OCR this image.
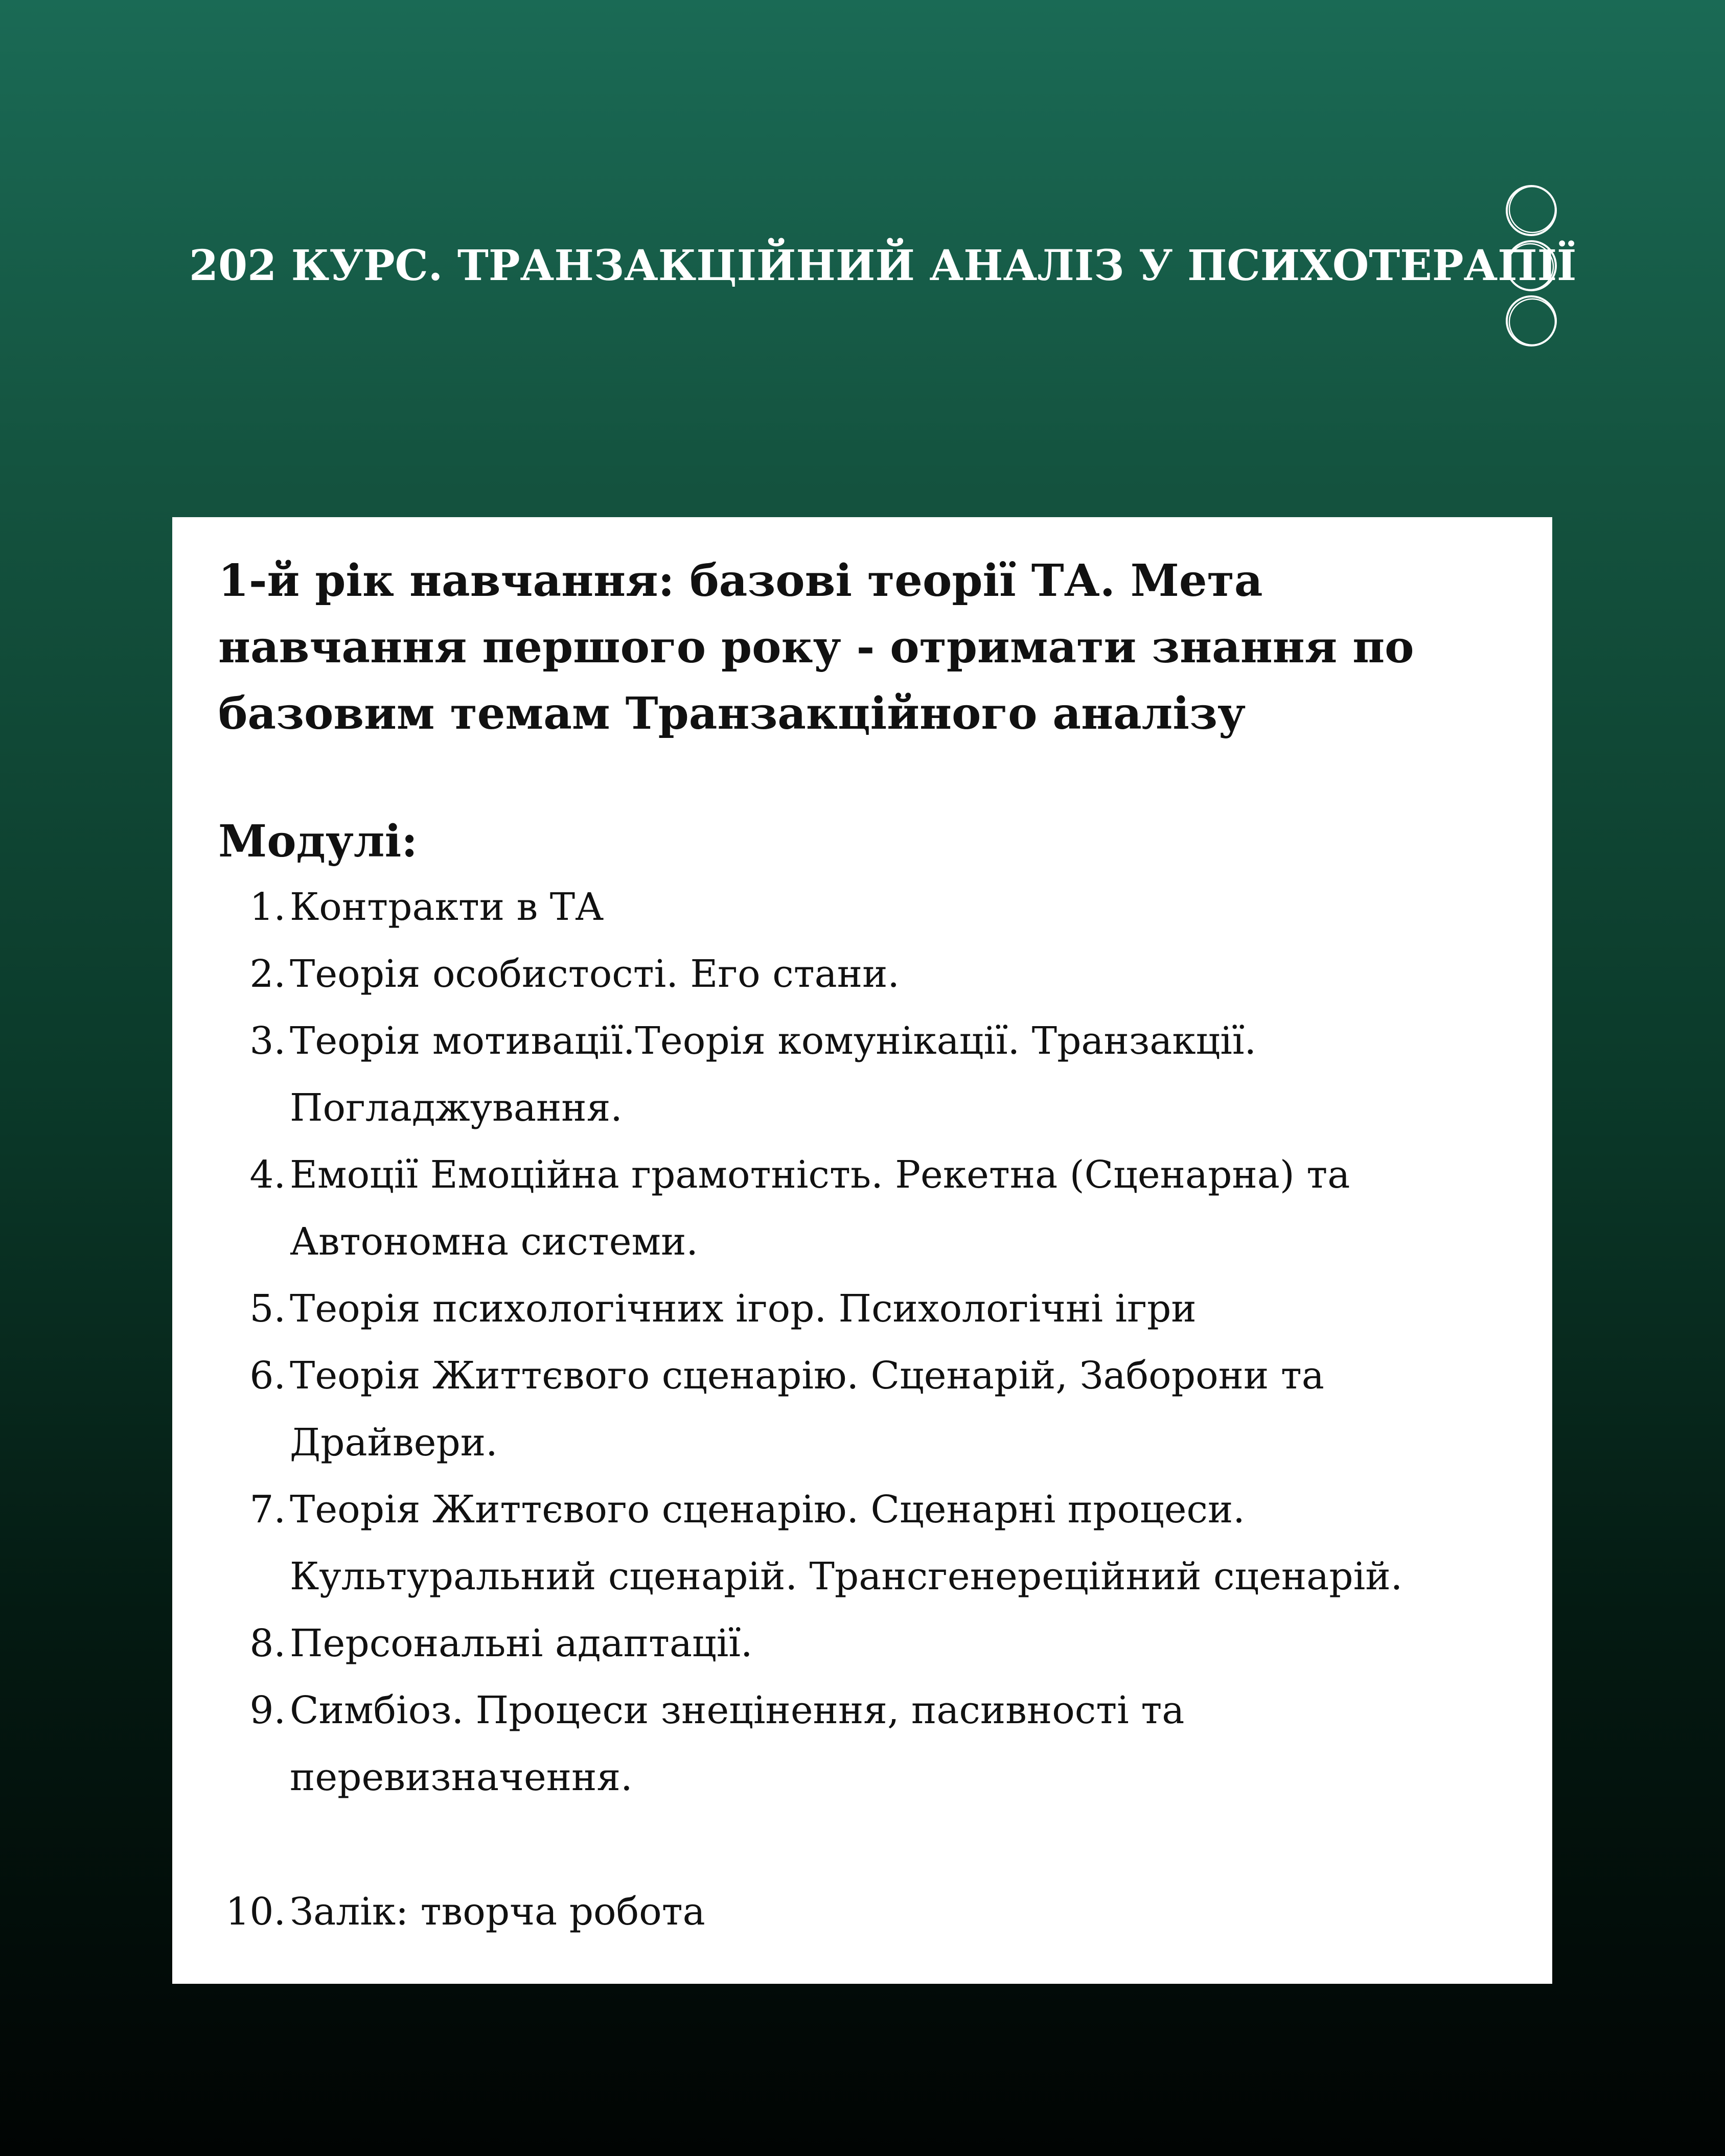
202 КУРС. ТРАНЗАКЦІЙНИЙ АНАЛІЗ У ПСИХОТЕРАПІЇ

1-й рік навчання: базові теорії ТА. Мета навчання першого року - отримати знання по базовим темам Транзакційного аналізу

Модулі:
1. Контракти в ТА
2. Теорія особистості. Его стани.
3. Теорія мотивації.Теорія комунікації. Транзакції. Погладжування.
4. Емоції Емоційна грамотність. Рекетна (Сценарна) та Автономна системи.
5. Теорія психологічних ігор. Психологічні ігри
6. Теорія Життєвого сценарію. Сценарій, Заборони та Драйвери.
7. Теорія Життєвого сценарію. Сценарні процеси. Культуральний сценарій. Трансгенереційний сценарій.
8. Персональні адаптації.
9. Симбіоз. Процеси знецінення, пасивності та перевизначення.
10. Залік: творча робота
